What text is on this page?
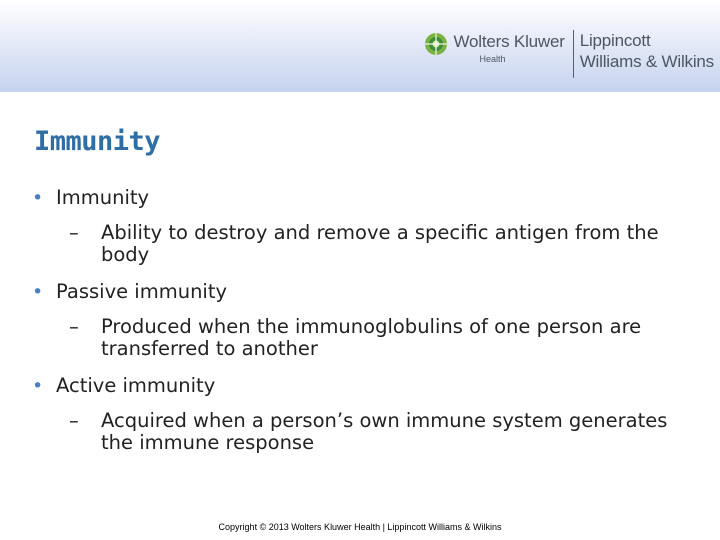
Wolters Kluwer
Health
Lippincott
Williams & Wilkins
Immunity
• Immunity
– Ability to destroy and remove a specific antigen from the body
• Passive immunity
– Produced when the immunoglobulins of one person are transferred to another
• Active immunity
– Acquired when a person’s own immune system generates the immune response
Copyright © 2013 Wolters Kluwer Health | Lippincott Williams & Wilkins
